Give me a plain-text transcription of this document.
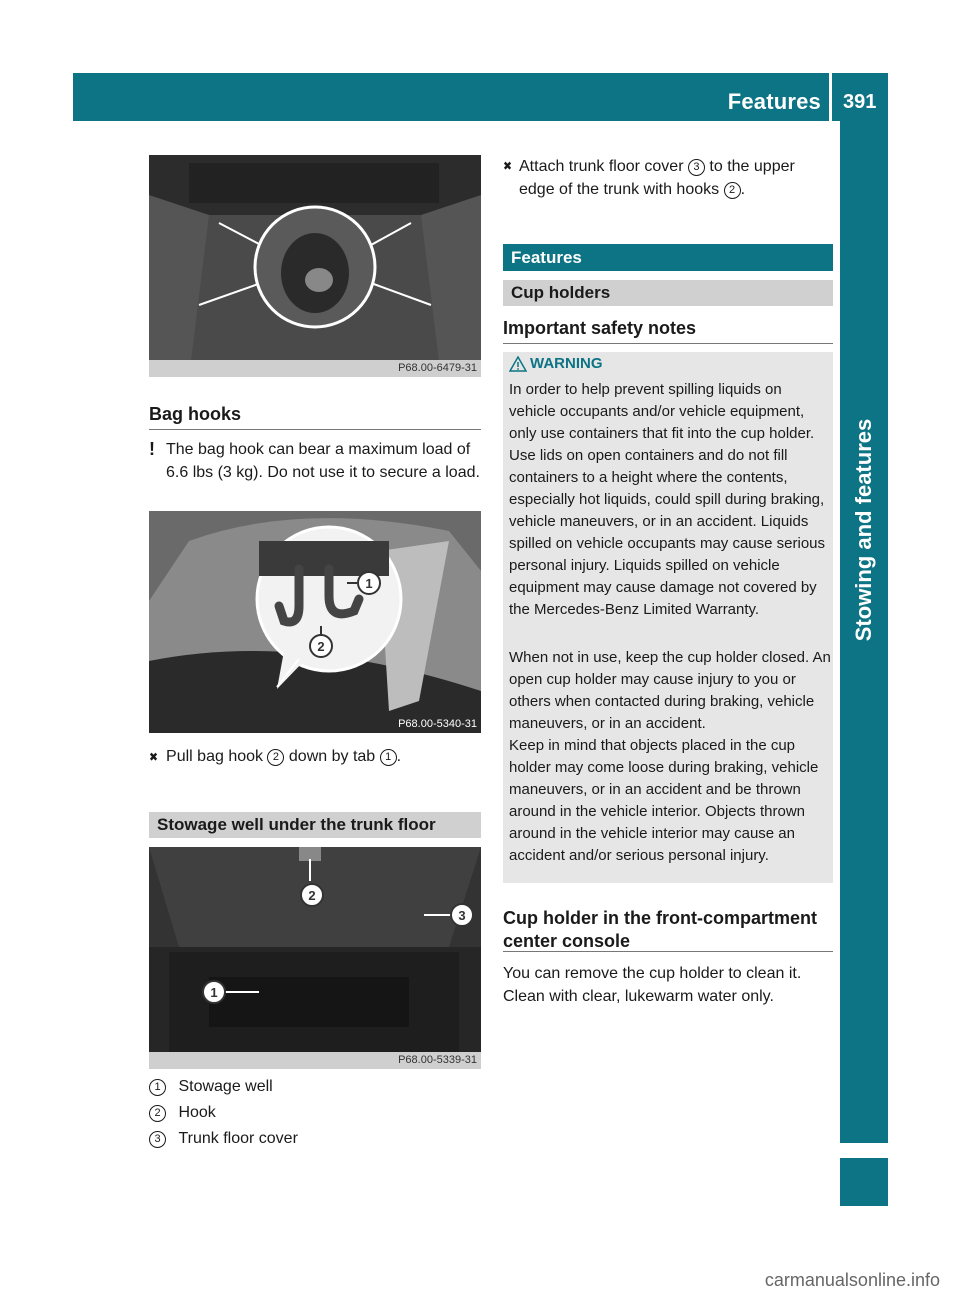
Features 391
Stowing and features
P68.00-6479-31
Bag hooks
! The bag hook can bear a maximum load of 6.6 lbs (3 kg). Do not use it to secure a load.
1
2
P68.00-5340-31
✖ Pull bag hook 2 down by tab 1 .
Stowage well under the trunk floor
2
3
1
P68.00-5339-31
1 Stowage well
2 Hook
3 Trunk floor cover
✖ Attach trunk floor cover 3 to the upper edge of the trunk with hooks 2 .
Features
Cup holders
Important safety notes
WARNING
In order to help prevent spilling liquids on vehicle occupants and/or vehicle equipment, only use containers that fit into the cup holder. Use lids on open containers and do not fill containers to a height where the contents, especially hot liquids, could spill during braking, vehicle maneuvers, or in an accident. Liquids spilled on vehicle occupants may cause serious personal injury. Liquids spilled on vehicle equipment may cause damage not covered by the Mercedes-Benz Limited Warranty.
When not in use, keep the cup holder closed. An open cup holder may cause injury to you or others when contacted during braking, vehicle maneuvers, or in an accident.
Keep in mind that objects placed in the cup holder may come loose during braking, vehicle maneuvers, or in an accident and be thrown around in the vehicle interior. Objects thrown around in the vehicle interior may cause an accident and/or serious personal injury.
Cup holder in the front-compartment center console
You can remove the cup holder to clean it. Clean with clear, lukewarm water only.
carmanualsonline.info
